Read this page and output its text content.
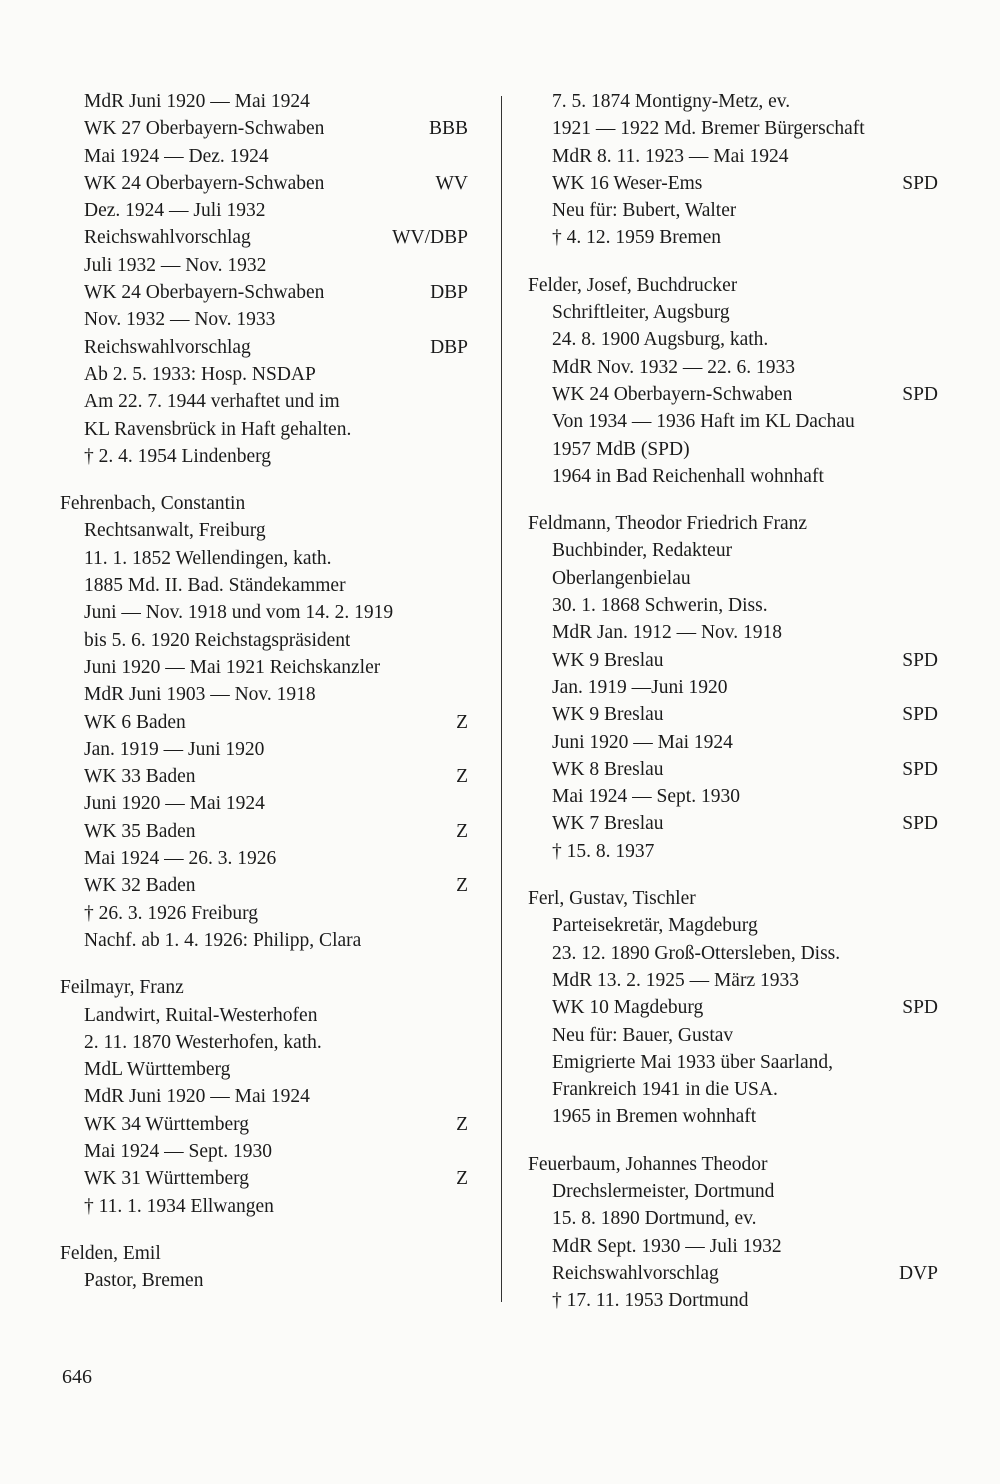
MdR Juni 1920 — Mai 1924
WK 27 Oberbayern-Schwaben	BBB
Mai 1924 — Dez. 1924
WK 24 Oberbayern-Schwaben	WV
Dez. 1924 — Juli 1932
Reichswahlvorschlag	WV/DBP
Juli 1932 — Nov. 1932
WK 24 Oberbayern-Schwaben	DBP
Nov. 1932 — Nov. 1933
Reichswahlvorschlag	DBP
Ab 2. 5. 1933: Hosp. NSDAP
Am 22. 7. 1944 verhaftet und im
KL Ravensbrück in Haft gehalten.
† 2. 4. 1954 Lindenberg
Fehrenbach, Constantin
Rechtsanwalt, Freiburg
11. 1. 1852 Wellendingen, kath.
1885 Md. II. Bad. Ständekammer
Juni — Nov. 1918 und vom 14. 2. 1919
bis 5. 6. 1920 Reichstagspräsident
Juni 1920 — Mai 1921 Reichskanzler
MdR Juni 1903 — Nov. 1918
WK 6 Baden	Z
Jan. 1919 — Juni 1920
WK 33 Baden	Z
Juni 1920 — Mai 1924
WK 35 Baden	Z
Mai 1924 — 26. 3. 1926
WK 32 Baden	Z
† 26. 3. 1926 Freiburg
Nachf. ab 1. 4. 1926: Philipp, Clara
Feilmayr, Franz
Landwirt, Ruital-Westerhofen
2. 11. 1870 Westerhofen, kath.
MdL Württemberg
MdR Juni 1920 — Mai 1924
WK 34 Württemberg	Z
Mai 1924 — Sept. 1930
WK 31 Württemberg	Z
† 11. 1. 1934 Ellwangen
Felden, Emil
Pastor, Bremen
7. 5. 1874 Montigny-Metz, ev.
1921 — 1922 Md. Bremer Bürgerschaft
MdR 8. 11. 1923 — Mai 1924
WK 16 Weser-Ems	SPD
Neu für: Bubert, Walter
† 4. 12. 1959 Bremen
Felder, Josef, Buchdrucker
Schriftleiter, Augsburg
24. 8. 1900 Augsburg, kath.
MdR Nov. 1932 — 22. 6. 1933
WK 24 Oberbayern-Schwaben	SPD
Von 1934 — 1936 Haft im KL Dachau
1957 MdB (SPD)
1964 in Bad Reichenhall wohnhaft
Feldmann, Theodor Friedrich Franz
Buchbinder, Redakteur
Oberlangenbielau
30. 1. 1868 Schwerin, Diss.
MdR Jan. 1912 — Nov. 1918
WK 9 Breslau	SPD
Jan. 1919 —Juni 1920
WK 9 Breslau	SPD
Juni 1920 — Mai 1924
WK 8 Breslau	SPD
Mai 1924 — Sept. 1930
WK 7 Breslau	SPD
† 15. 8. 1937
Ferl, Gustav, Tischler
Parteisekretär, Magdeburg
23. 12. 1890 Groß-Ottersleben, Diss.
MdR 13. 2. 1925 — März 1933
WK 10 Magdeburg	SPD
Neu für: Bauer, Gustav
Emigrierte Mai 1933 über Saarland,
Frankreich 1941 in die USA.
1965 in Bremen wohnhaft
Feuerbaum, Johannes Theodor
Drechslermeister, Dortmund
15. 8. 1890 Dortmund, ev.
MdR Sept. 1930 — Juli 1932
Reichswahlvorschlag	DVP
† 17. 11. 1953 Dortmund
646
